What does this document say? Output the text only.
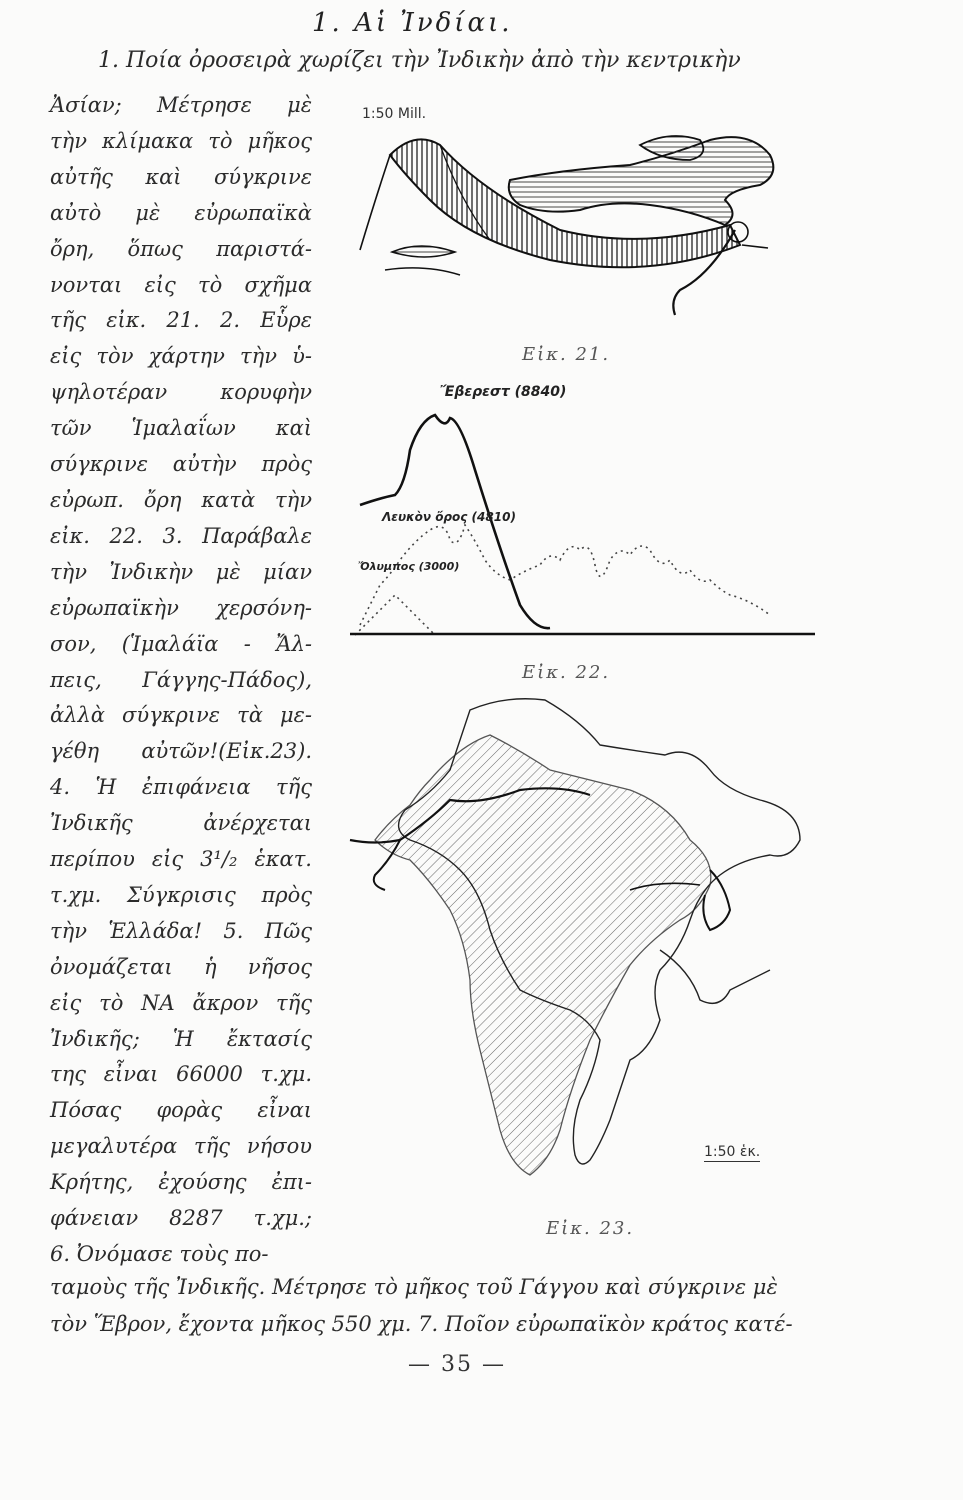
1. Αἱ Ἰνδίαι.
1. Ποία ὀροσειρὰ χωρίζει τὴν Ἰνδικὴν ἀπὸ τὴν κεντρικὴν
Ἀσίαν; Μέτρησε μὲ
τὴν κλίμακα τὸ μῆκος
αὐτῆς καὶ σύγκρινε
αὐτὸ μὲ εὐρωπαϊκὰ
ὄρη, ὅπως παριστά-
νονται εἰς τὸ σχῆμα
τῆς εἰκ. 21. 2. Εὗρε
εἰς τὸν χάρτην τὴν ὑ-
ψηλοτέραν κορυφὴν
τῶν Ἱμαλαΐων καὶ
σύγκρινε αὐτὴν πρὸς
εὐρωπ. ὄρη κατὰ τὴν
εἰκ. 22. 3. Παράβαλε
τὴν Ἰνδικὴν μὲ μίαν
εὐρωπαϊκὴν χερσόνη-
σον, (Ἱμαλάϊα - Ἄλ-
πεις, Γάγγης-Πάδος),
ἀλλὰ σύγκρινε τὰ με-
γέθη αὐτῶν!(Εἰκ.23).
4. Ἡ ἐπιφάνεια τῆς
Ἰνδικῆς ἀνέρχεται
περίπου εἰς 3¹/₂ ἑκατ.
τ.χμ. Σύγκρισις πρὸς
τὴν Ἑλλάδα! 5. Πῶς
ὀνομάζεται ἡ νῆσος
εἰς τὸ ΝΑ ἄκρον τῆς
Ἰνδικῆς; Ἡ ἔκτασίς
της εἶναι 66000 τ.χμ.
Πόσας φορὰς εἶναι
μεγαλυτέρα τῆς νήσου
Κρήτης, ἐχούσης ἐπι-
φάνειαν 8287 τ.χμ.;
6. Ὀνόμασε τοὺς πο-
ταμοὺς τῆς Ἰνδικῆς. Μέτρησε τὸ μῆκος τοῦ Γάγγου καὶ σύγκρινε μὲ
τὸν Ἕβρον, ἔχοντα μῆκος 550 χμ. 7. Ποῖον εὐρωπαϊκὸν κράτος κατέ-
1:50 Mill.
Εἰκ. 21.
Ἔβερεστ (8840)
Λευκὸν ὄρος (4810)
Ὄλυμπος (3000)
Εἰκ. 22.
1:50 ἑκ.
Εἰκ. 23.
— 35 —
